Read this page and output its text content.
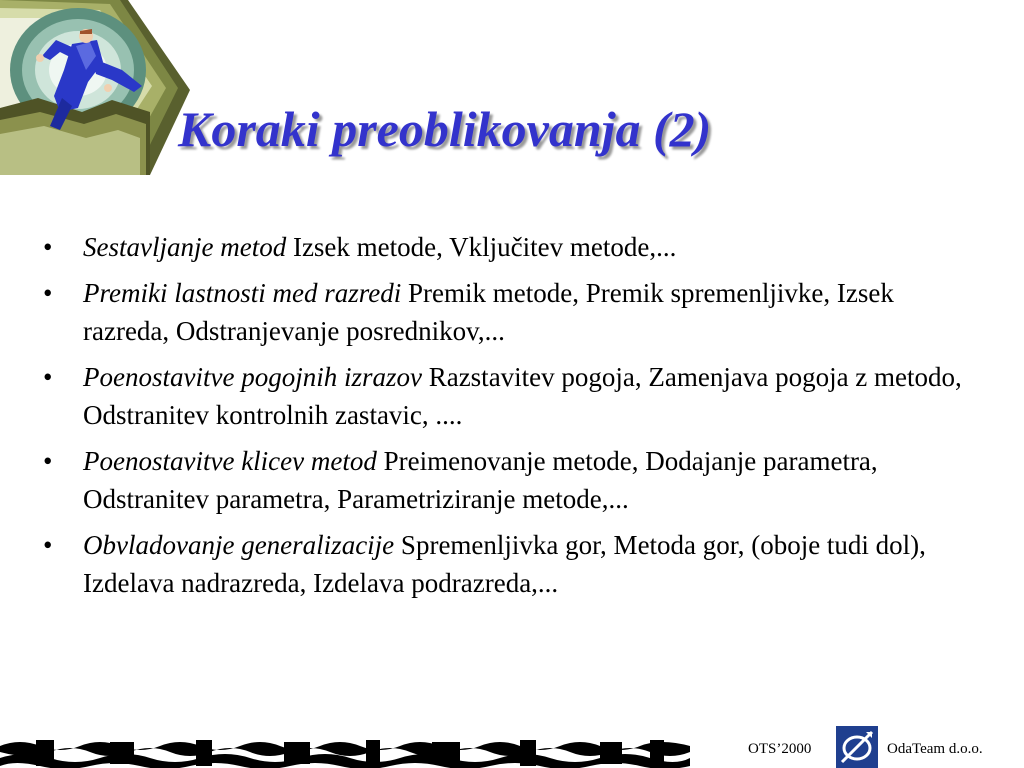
Koraki preoblikovanja (2)
• Sestavljanje metod Izsek metode, Vključitev metode,...
• Premiki lastnosti med razredi Premik metode, Premik spremenljivke, Izsek razreda, Odstranjevanje posrednikov,...
• Poenostavitve pogojnih izrazov Razstavitev pogoja, Zamenjava pogoja z metodo, Odstranitev kontrolnih zastavic, ....
• Poenostavitve klicev metod Preimenovanje metode, Dodajanje parametra, Odstranitev parametra, Parametriziranje metode,...
• Obvladovanje generalizacije Spremenljivka gor, Metoda gor, (oboje tudi dol), Izdelava nadrazreda, Izdelava podrazreda,...
OTS’2000	OdaTeam d.o.o.
